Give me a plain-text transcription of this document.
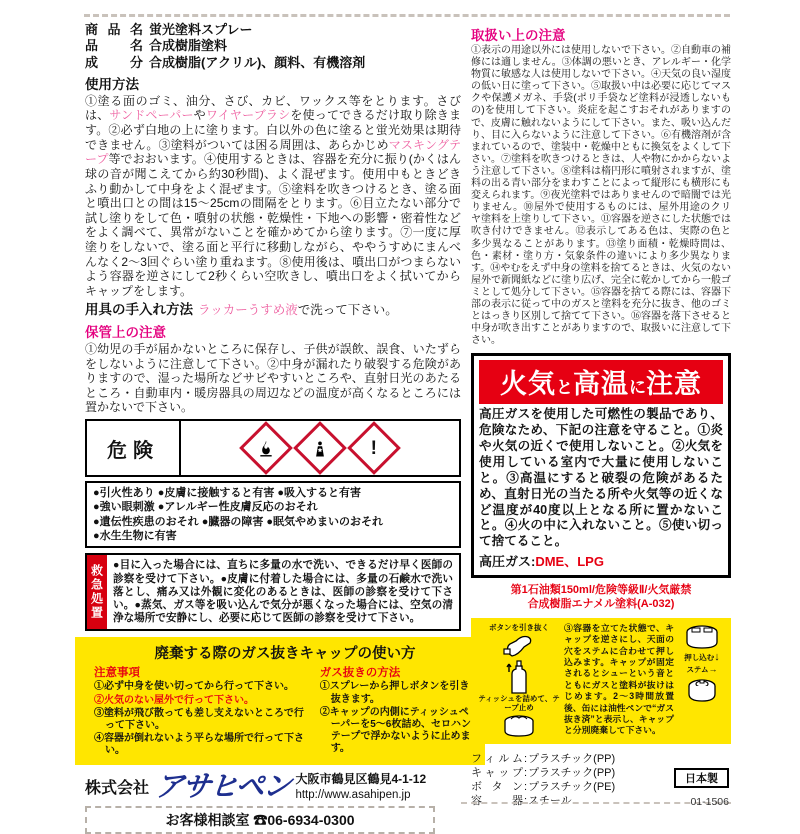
商品名 蛍光塗料スプレー
品　名 合成樹脂塗料
成　分 合成樹脂(アクリル)、顔料、有機溶剤
使用方法

①塗る面のゴミ、油分、さび、カビ、ワックス等をとります。さびは、サンドペーパーやワイヤーブラシを使ってできるだけ取り除きます。②必ず白地の上に塗ります。白以外の色に塗ると蛍光効果は期待できません。③塗料がついては困る周囲は、あらかじめマスキングテープ等でおおいます。④使用するときは、容器を充分に振り(かくはん球の音が聞こえてから約30秒間)、よく混ぜます。使用中もときどきふり動かして中身をよく混ぜます。⑤塗料を吹きつけるとき、塗る面と噴出口との間は15〜25cmの間隔をとります。⑥目立たない部分で試し塗りをして色・噴射の状態・乾燥性・下地への影響・密着性などをよく調べて、異常がないことを確かめてから塗ります。⑦一度に厚塗りをしないで、塗る面と平行に移動しながら、ややうすめにまんべんなく2〜3回ぐらい塗り重ねます。⑧使用後は、噴出口がつまらないよう容器を逆さにして2秒くらい空吹きし、噴出口をよく拭いてからキャップをします。

用具の手入れ方法 ラッカーうすめ液で洗って下さい。

保管上の注意

①幼児の手が届かないところに保存し、子供が誤飲、誤食、いたずらをしないように注意して下さい。②中身が漏れたり破裂する危険がありますので、湿った場所などサビやすいところや、直射日光のあたるところ・自動車内・暖房器具の周辺などの温度が高くなるところには置かないで下さい。

危険	!
●引火性あり ●皮膚に接触すると有害 ●吸入すると有害
●強い眼刺激 ●アレルギー性皮膚反応のおそれ
●遺伝性疾患のおそれ ●臓器の障害 ●眠気やめまいのおそれ
●水生生物に有害
救急処置 ●目に入った場合には、直ちに多量の水で洗い、できるだけ早く医師の診察を受けて下さい。●皮膚に付着した場合には、多量の石鹸水で洗い落とし、痛み又は外観に変化のあるときは、医師の診察を受けて下さい。●蒸気、ガス等を吸い込んで気分が悪くなった場合には、空気の清浄な場所で安静にし、必要に応じて医師の診察を受けて下さい。

廃棄する際のガス抜きキャップの使い方
注意事項
①必ず中身を使い切ってから行って下さい。
②火気のない屋外で行って下さい。
③塗料が飛び散っても差し支えないところで行って下さい。
④容器が倒れないよう平らな場所で行って下さい。
ガス抜きの方法
①スプレーから押しボタンを引き抜きます。
②キャップの内側にティッシュペーパーを5〜6枚詰め、セロハンテープで浮かないように止めます。
株式会社 アサヒペン 大阪市鶴見区鶴見4-1-12
http://www.asahipen.jp
お客様相談室 ☎06-6934-0300
取扱い上の注意

①表示の用途以外には使用しないで下さい。②自動車の補修には適しません。③体調の悪いとき、アレルギー・化学物質に敏感な人は使用しないで下さい。④天気の良い湿度の低い日に塗って下さい。⑤取扱い中は必要に応じてマスクや保護メガネ、手袋(ポリ手袋など塗料が浸透しないもの)を使用して下さい。炎症を起こすおそれがありますので、皮膚に触れないようにして下さい。また、吸い込んだり、目に入らないように注意して下さい。⑥有機溶剤が含まれているので、塗装中・乾燥中ともに換気をよくして下さい。⑦塗料を吹きつけるときは、人や物にかからないよう注意して下さい。⑧塗料は楕円形に噴射されますが、塗料の出る青い部分をまわすことによって縦形にも横形にも変えられます。⑨夜光塗料ではありませんので暗闇では光りません。⑩屋外で使用するものには、屋外用途のクリヤ塗料を上塗りして下さい。⑪容器を逆さにした状態では吹き付けできません。⑫表示してある色は、実際の色と多少異なることがあります。⑬塗り面積・乾燥時間は、色・素材・塗り方・気象条件の違いにより多少異なります。⑭やむをえず中身の塗料を捨てるときは、火気のない屋外で新聞紙などに塗り広げ、完全に乾かしてから一般ゴミとして処分して下さい。⑮容器を捨てる際には、容器下部の表示に従って中のガスと塗料を充分に抜き、他のゴミとはっきり区別して捨てて下さい。⑯容器を落下させると中身が吹き出すことがありますので、取扱いに注意して下さい。

火気と高温に注意

高圧ガスを使用した可燃性の製品であり、危険なため、下記の注意を守ること。①炎や火気の近くで使用しないこと。②火気を使用している室内で大量に使用しないこと。③高温にすると破裂の危険があるため、直射日光の当たる所や火気等の近くなど温度が40度以上となる所に置かないこと。④火の中に入れないこと。⑤使い切って捨てること。

高圧ガス:DME、LPG

第1石油類150ml/危険等級Ⅱ/火気厳禁
合成樹脂エナメル塗料(A-032)
ボタンを引き抜く
ティッシュを詰めて、テープ止め
③容器を立てた状態で、キャップを逆さにし、天面の穴をステムに合わせて押し込みます。キャップが固定されるとシューという音とともにガスと塗料が抜けはじめます。2〜3時間放置後、缶には油性ペンで“ガス抜き済”と表示し、キャップと分別廃棄して下さい。
押し込む ↓
ステム →
フィルム : プラスチック(PP)
キャップ : プラスチック(PP)
ボタン : プラスチック(PE)
容　器 : スチール
日本製
01-1506
